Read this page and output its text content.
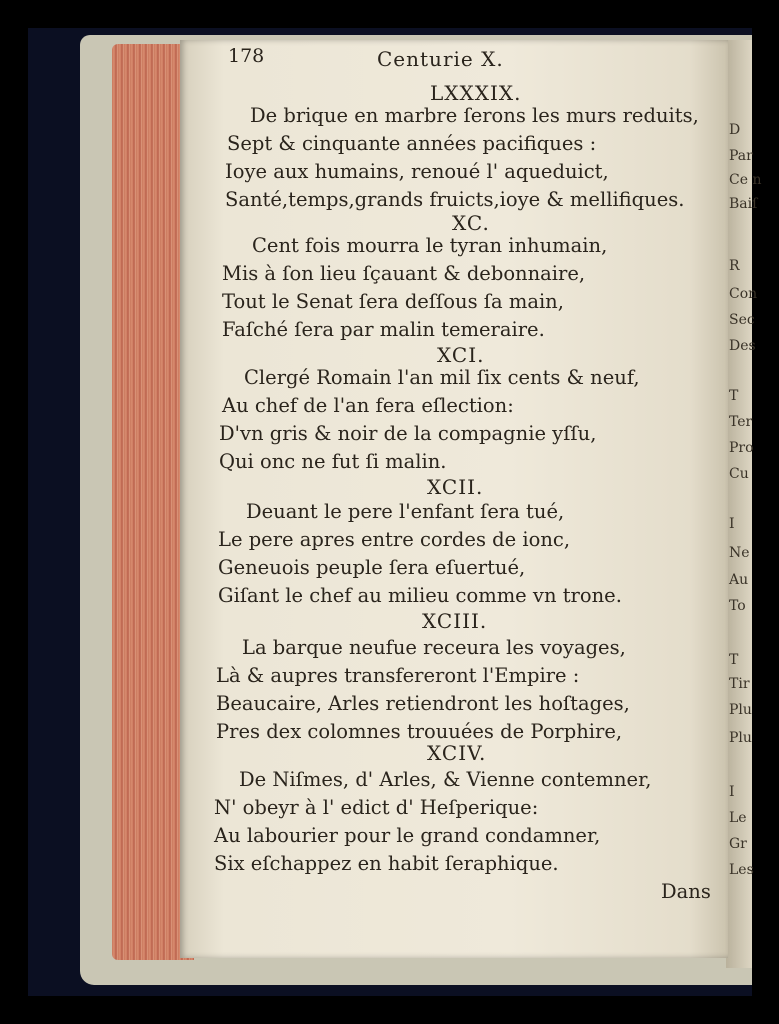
D
Par
Ce n
Baiſ
R
Con
Sec
Des
T
Ter
Pro
Cu
I
Ne
Au
To
T
Tir
Plu
Plu
I
Le
Gr
Les
178	Centurie X.
LXXXIX.
De brique en marbre ſerons les murs reduits,
Sept & cinquante années pacifiques :
Ioye aux humains, renoué l' aqueduict,
Santé,temps,grands fruicts,ioye & mellifiques.
XC.
Cent fois mourra le tyran inhumain,
Mis à ſon lieu ſçauant & debonnaire,
Tout le Senat ſera deſſous ſa main,
Faſché ſera par malin temeraire.
XCI.
Clergé Romain l'an mil ſix cents & neuf,
Au chef de l'an fera eſlection:
D'vn gris & noir de la compagnie yſſu,
Qui onc ne fut ſi malin.
XCII.
Deuant le pere l'enfant ſera tué,
Le pere apres entre cordes de ionc,
Geneuois peuple ſera eſuertué,
Giſant le chef au milieu comme vn trone.
XCIII.
La barque neufue receura les voyages,
Là & aupres transfereront l'Empire :
Beaucaire, Arles retiendront les hoſtages,
Pres dex colomnes trouuées de Porphire,
XCIV.
De Niſmes, d' Arles, & Vienne contemner,
N' obeyr à l' edict d' Heſperique:
Au labourier pour le grand condamner,
Six eſchappez en habit ſeraphique.
Dans
